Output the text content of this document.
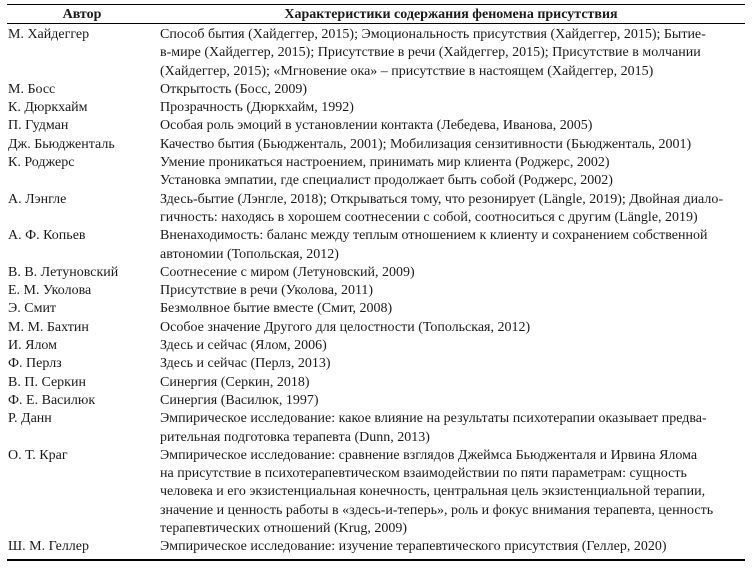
Автор	Характеристики содержания феномена присутствия
М. Хайдеггер	Способ бытия (Хайдеггер, 2015); Эмоциональность присутствия (Хайдеггер, 2015); Бытие-
в-мире (Хайдеггер, 2015); Присутствие в речи (Хайдеггер, 2015); Присутствие в молчании
(Хайдеггер, 2015); «Мгновение ока» – присутствие в настоящем (Хайдеггер, 2015)
М. Босс	Открытость (Босс, 2009)
К. Дюркхайм	Прозрачность (Дюркхайм, 1992)
П. Гудман	Особая роль эмоций в установлении контакта (Лебедева, Иванова, 2005)
Дж. Бьюдженталь	Качество бытия (Бьюдженталь, 2001); Мобилизация сензитивности (Бьюдженталь, 2001)
К. Роджерс	Умение проникаться настроением, принимать мир клиента (Роджерс, 2002)
Установка эмпатии, где специалист продолжает быть собой (Роджерс, 2002)
А. Лэнгле	Здесь-бытие (Лэнгле, 2018); Открываться тому, что резонирует (Längle, 2019); Двойная диало-
гичность: находясь в хорошем соотнесении с собой, соотноситься с другим (Längle, 2019)
А. Ф. Копьев	Вненаходимость: баланс между теплым отношением к клиенту и сохранением собственной
автономии (Топольская, 2012)
В. В. Летуновский	Соотнесение с миром (Летуновский, 2009)
Е. М. Уколова	Присутствие в речи (Уколова, 2011)
Э. Смит	Безмолвное бытие вместе (Смит, 2008)
М. М. Бахтин	Особое значение Другого для целостности (Топольская, 2012)
И. Ялом	Здесь и сейчас (Ялом, 2006)
Ф. Перлз	Здесь и сейчас (Перлз, 2013)
В. П. Серкин	Синергия (Серкин, 2018)
Ф. Е. Василюк	Синергия (Василюк, 1997)
Р. Данн	Эмпирическое исследование: какое влияние на результаты психотерапии оказывает предва-
рительная подготовка терапевта (Dunn, 2013)
О. Т. Краг	Эмпирическое исследование: сравнение взглядов Джеймса Бьюдженталя и Ирвина Ялома
на присутствие в психотерапевтическом взаимодействии по пяти параметрам: сущность
человека и его экзистенциальная конечность, центральная цель экзистенциальной терапии,
значение и ценность работы в «здесь-и-теперь», роль и фокус внимания терапевта, ценность
терапевтических отношений (Krug, 2009)
Ш. М. Геллер	Эмпирическое исследование: изучение терапевтического присутствия (Геллер, 2020)
